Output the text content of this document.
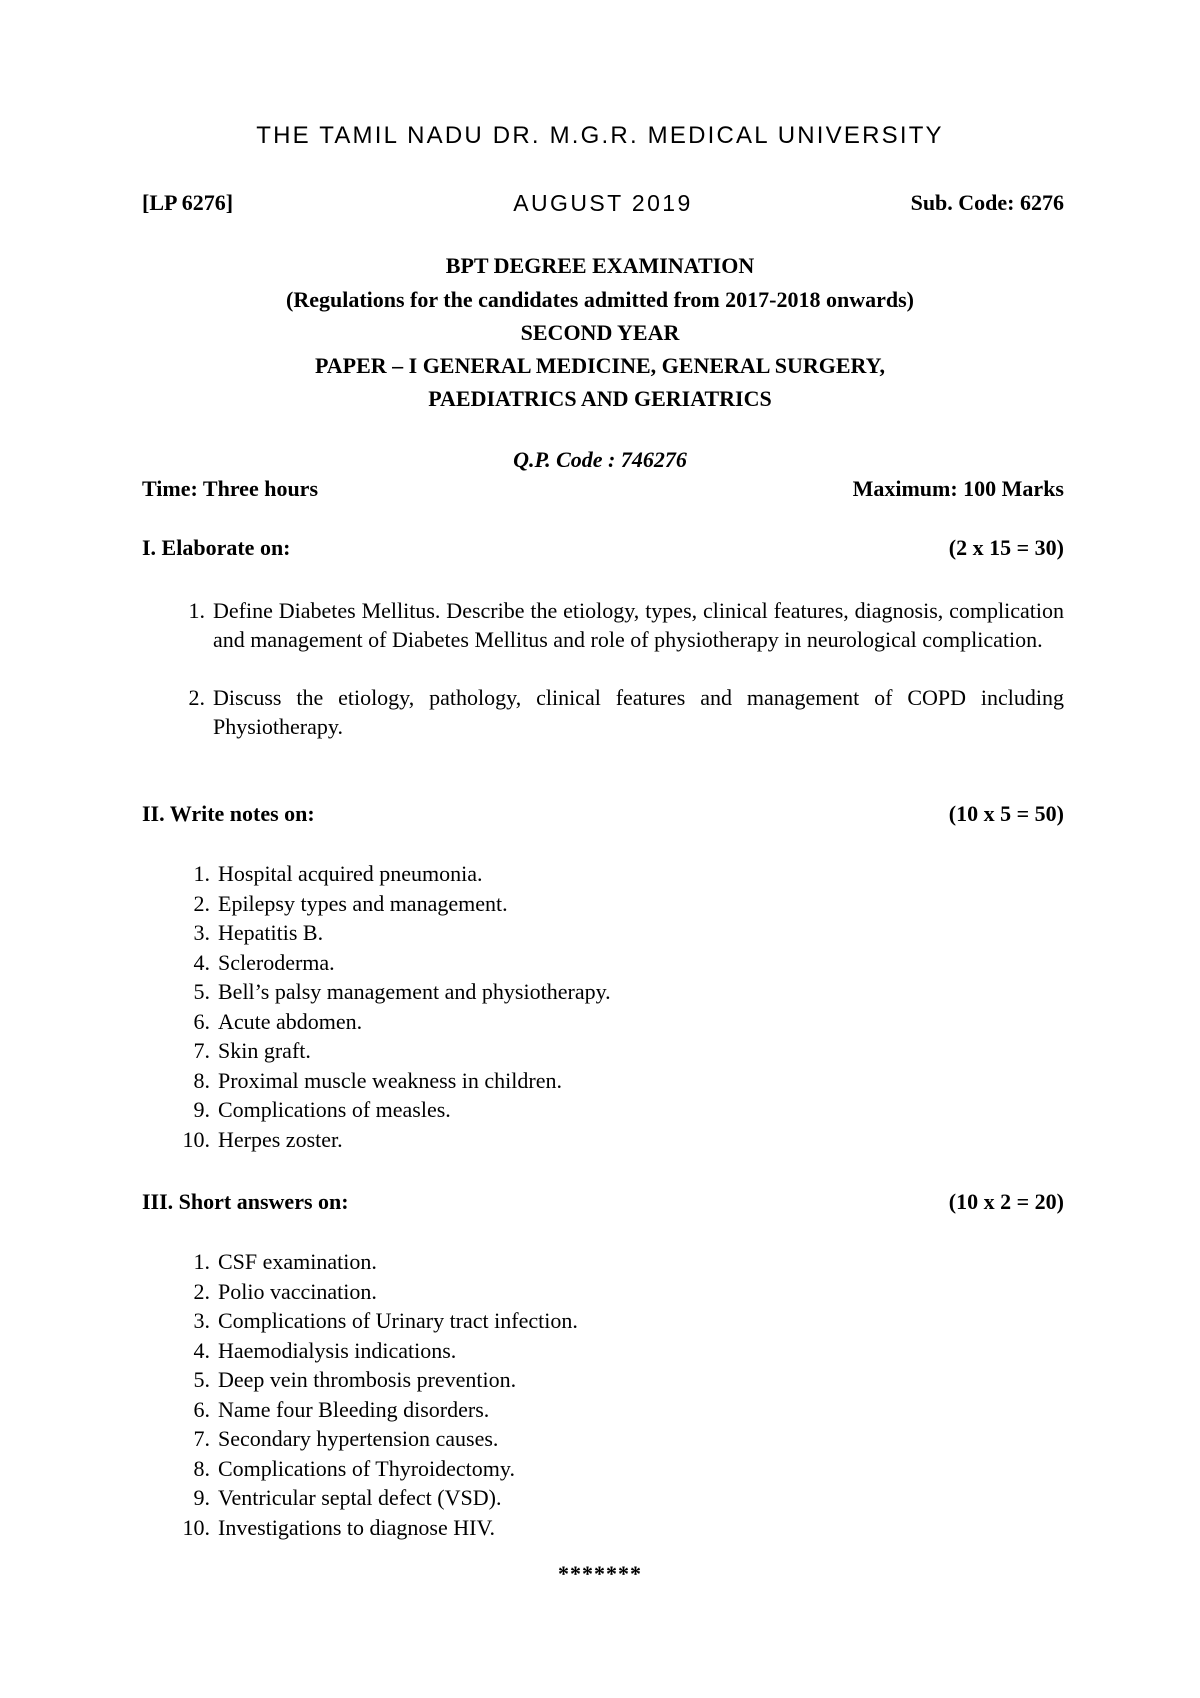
THE TAMIL NADU DR. M.G.R. MEDICAL UNIVERSITY
[LP 6276]	AUGUST 2019	Sub. Code: 6276
BPT DEGREE EXAMINATION
(Regulations for the candidates admitted from 2017-2018 onwards)
SECOND YEAR
PAPER – I GENERAL MEDICINE, GENERAL SURGERY,
PAEDIATRICS AND GERIATRICS
Q.P. Code : 746276
Time: Three hours	Maximum: 100 Marks
I. Elaborate on:	(2 x 15 = 30)
1. Define Diabetes Mellitus. Describe the etiology, types, clinical features, diagnosis, complication and management of Diabetes Mellitus and role of physiotherapy in neurological complication.
2. Discuss the etiology, pathology, clinical features and management of COPD including Physiotherapy.
II. Write notes on:	(10 x 5 = 50)
1. Hospital acquired pneumonia.
2. Epilepsy types and management.
3. Hepatitis B.
4. Scleroderma.
5. Bell’s palsy management and physiotherapy.
6. Acute abdomen.
7. Skin graft.
8. Proximal muscle weakness in children.
9. Complications of measles.
10. Herpes zoster.
III. Short answers on:	(10 x 2 = 20)
1. CSF examination.
2. Polio vaccination.
3. Complications of Urinary tract infection.
4. Haemodialysis indications.
5. Deep vein thrombosis prevention.
6. Name four Bleeding disorders.
7. Secondary hypertension causes.
8. Complications of Thyroidectomy.
9. Ventricular septal defect (VSD).
10. Investigations to diagnose HIV.
*******
